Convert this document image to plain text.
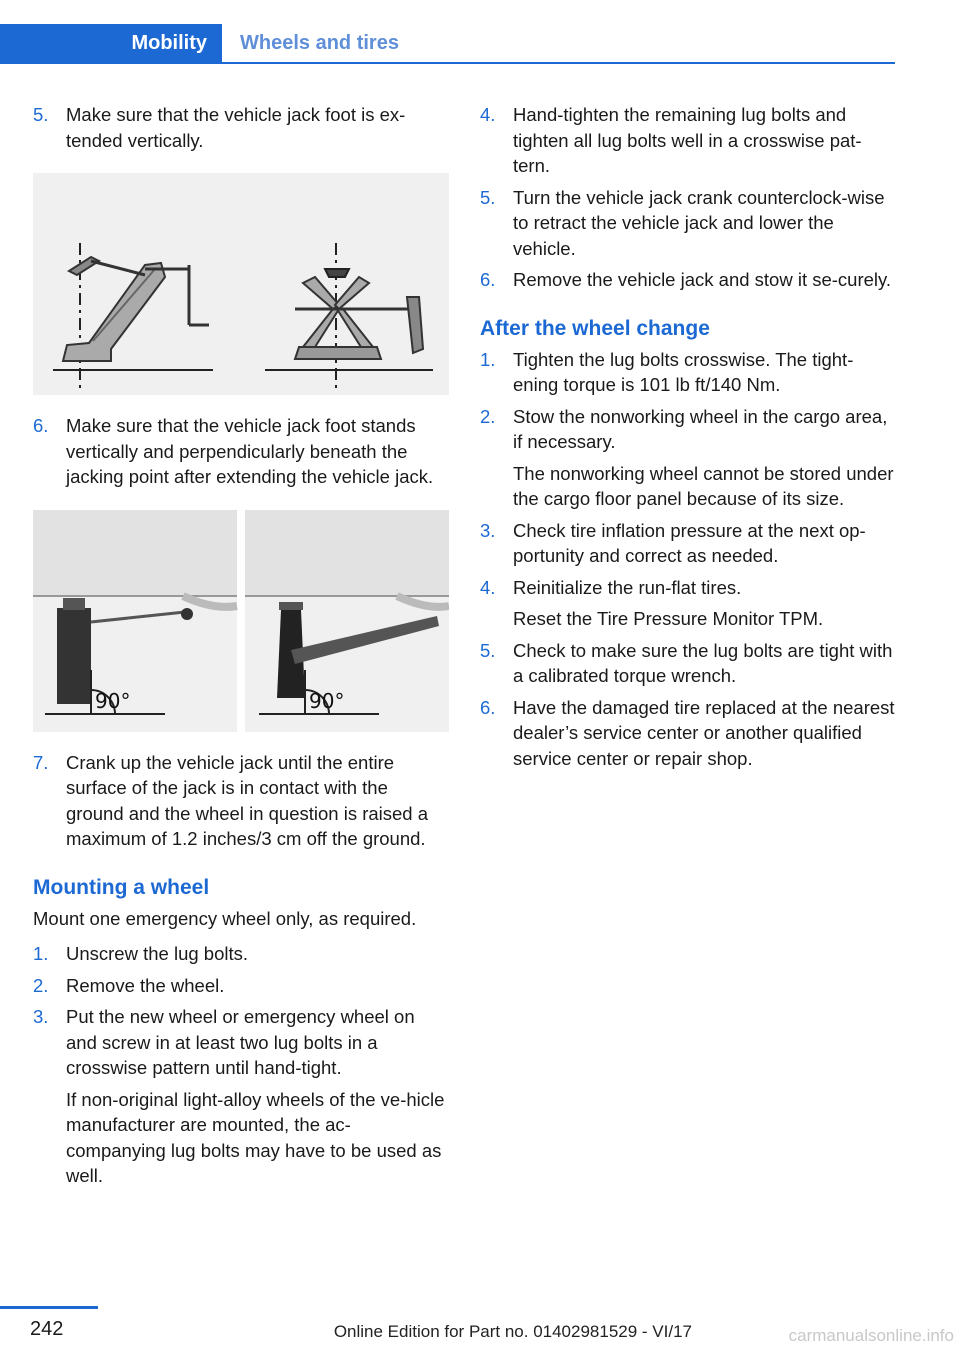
Mobility	Wheels and tires
5. Make sure that the vehicle jack foot is ex-
tended vertically.

6. Make sure that the vehicle jack foot stands vertically and perpendicularly beneath the jacking point after extending the vehicle jack.

90°	90°
7. Crank up the vehicle jack until the entire surface of the jack is in contact with the ground and the wheel in question is raised a maximum of 1.2 inches/3 cm off the ground.

Mounting a wheel

Mount one emergency wheel only, as required.

1. Unscrew the lug bolts.

2. Remove the wheel.

3. Put the new wheel or emergency wheel on and screw in at least two lug bolts in a crosswise pattern until hand-tight.

If non-original light-alloy wheels of the ve-hicle manufacturer are mounted, the ac-companying lug bolts may have to be used as well.

4. Hand-tighten the remaining lug bolts and tighten all lug bolts well in a crosswise pat-tern.

5. Turn the vehicle jack crank counterclock-wise to retract the vehicle jack and lower the vehicle.

6. Remove the vehicle jack and stow it se-curely.

After the wheel change
1. Tighten the lug bolts crosswise. The tight-ening torque is 101 lb ft/140 Nm.

2. Stow the nonworking wheel in the cargo area, if necessary.

The nonworking wheel cannot be stored under the cargo floor panel because of its size.

3. Check tire inflation pressure at the next op-portunity and correct as needed.

4. Reinitialize the run-flat tires.

Reset the Tire Pressure Monitor TPM.

5. Check to make sure the lug bolts are tight with a calibrated torque wrench.

6. Have the damaged tire replaced at the nearest dealer’s service center or another qualified service center or repair shop.

242	Online Edition for Part no. 01402981529 - VI/17	carmanualsonline.info
